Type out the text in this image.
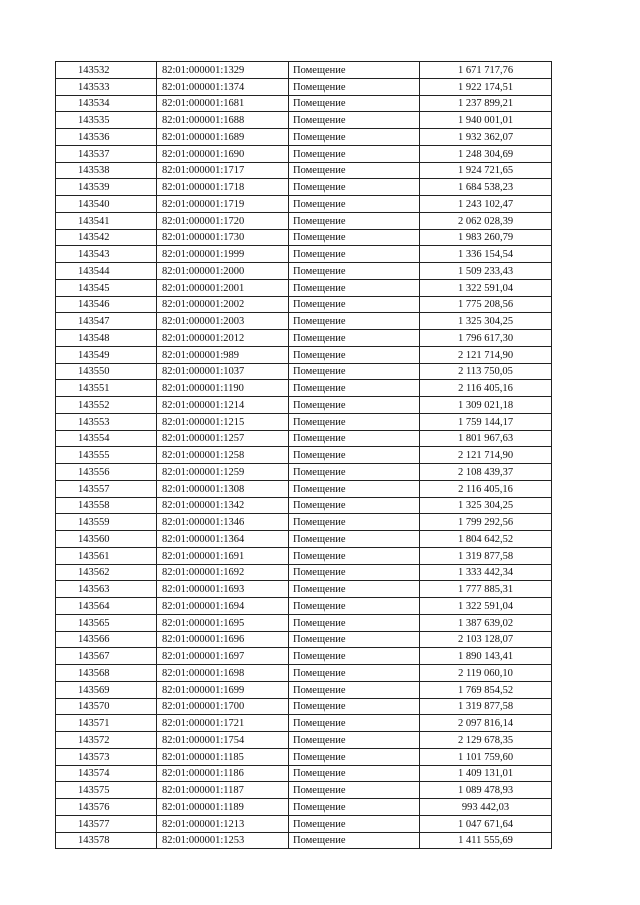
143532	82:01:000001:1329	Помещение	1 671 717,76
143533	82:01:000001:1374	Помещение	1 922 174,51
143534	82:01:000001:1681	Помещение	1 237 899,21
143535	82:01:000001:1688	Помещение	1 940 001,01
143536	82:01:000001:1689	Помещение	1 932 362,07
143537	82:01:000001:1690	Помещение	1 248 304,69
143538	82:01:000001:1717	Помещение	1 924 721,65
143539	82:01:000001:1718	Помещение	1 684 538,23
143540	82:01:000001:1719	Помещение	1 243 102,47
143541	82:01:000001:1720	Помещение	2 062 028,39
143542	82:01:000001:1730	Помещение	1 983 260,79
143543	82:01:000001:1999	Помещение	1 336 154,54
143544	82:01:000001:2000	Помещение	1 509 233,43
143545	82:01:000001:2001	Помещение	1 322 591,04
143546	82:01:000001:2002	Помещение	1 775 208,56
143547	82:01:000001:2003	Помещение	1 325 304,25
143548	82:01:000001:2012	Помещение	1 796 617,30
143549	82:01:000001:989	Помещение	2 121 714,90
143550	82:01:000001:1037	Помещение	2 113 750,05
143551	82:01:000001:1190	Помещение	2 116 405,16
143552	82:01:000001:1214	Помещение	1 309 021,18
143553	82:01:000001:1215	Помещение	1 759 144,17
143554	82:01:000001:1257	Помещение	1 801 967,63
143555	82:01:000001:1258	Помещение	2 121 714,90
143556	82:01:000001:1259	Помещение	2 108 439,37
143557	82:01:000001:1308	Помещение	2 116 405,16
143558	82:01:000001:1342	Помещение	1 325 304,25
143559	82:01:000001:1346	Помещение	1 799 292,56
143560	82:01:000001:1364	Помещение	1 804 642,52
143561	82:01:000001:1691	Помещение	1 319 877,58
143562	82:01:000001:1692	Помещение	1 333 442,34
143563	82:01:000001:1693	Помещение	1 777 885,31
143564	82:01:000001:1694	Помещение	1 322 591,04
143565	82:01:000001:1695	Помещение	1 387 639,02
143566	82:01:000001:1696	Помещение	2 103 128,07
143567	82:01:000001:1697	Помещение	1 890 143,41
143568	82:01:000001:1698	Помещение	2 119 060,10
143569	82:01:000001:1699	Помещение	1 769 854,52
143570	82:01:000001:1700	Помещение	1 319 877,58
143571	82:01:000001:1721	Помещение	2 097 816,14
143572	82:01:000001:1754	Помещение	2 129 678,35
143573	82:01:000001:1185	Помещение	1 101 759,60
143574	82:01:000001:1186	Помещение	1 409 131,01
143575	82:01:000001:1187	Помещение	1 089 478,93
143576	82:01:000001:1189	Помещение	993 442,03
143577	82:01:000001:1213	Помещение	1 047 671,64
143578	82:01:000001:1253	Помещение	1 411 555,69
